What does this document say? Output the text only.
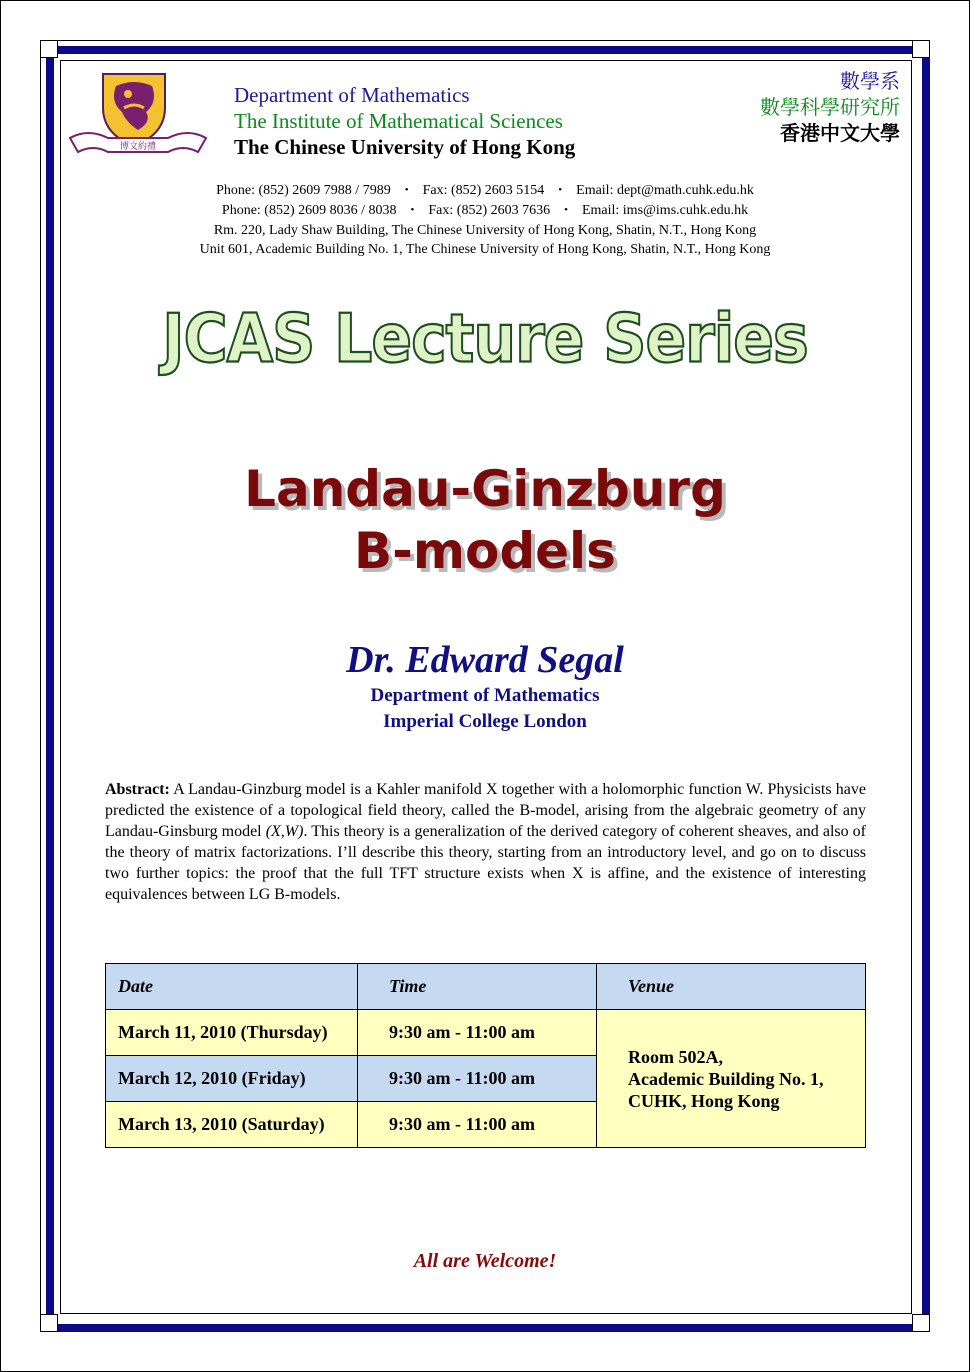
博文約禮
Department of Mathematics
The Institute of Mathematical Sciences
The Chinese University of Hong Kong
數學系
數學科學研究所
香港中文大學
Phone: (852) 2609 7988 / 7989 • Fax: (852) 2603 5154 • Email: dept@math.cuhk.edu.hk
Phone: (852) 2609 8036 / 8038 • Fax: (852) 2603 7636 • Email: ims@ims.cuhk.edu.hk
Rm. 220, Lady Shaw Building, The Chinese University of Hong Kong, Shatin, N.T., Hong Kong
Unit 601, Academic Building No. 1, The Chinese University of Hong Kong, Shatin, N.T., Hong Kong
JCAS Lecture Series
Landau-Ginzburg
B-models
Dr. Edward Segal
Department of Mathematics
Imperial College London
Abstract: A Landau-Ginzburg model is a Kahler manifold X together with a holomorphic function W. Physicists have predicted the existence of a topological field theory, called the B-model, arising from the algebraic geometry of any Landau-Ginsburg model (X,W). This theory is a generalization of the derived category of coherent sheaves, and also of the theory of matrix factorizations. I’ll describe this theory, starting from an introductory level, and go on to discuss two further topics: the proof that the full TFT structure exists when X is affine, and the existence of interesting equivalences between LG B-models.
Date	Time	Venue
March 11, 2010 (Thursday)	9:30 am - 11:00 am	Room 502A,
Academic Building No. 1,
CUHK, Hong Kong

March 12, 2010 (Friday)	9:30 am - 11:00 am	
March 13, 2010 (Saturday)	9:30 am - 11:00 am	
All are Welcome!
